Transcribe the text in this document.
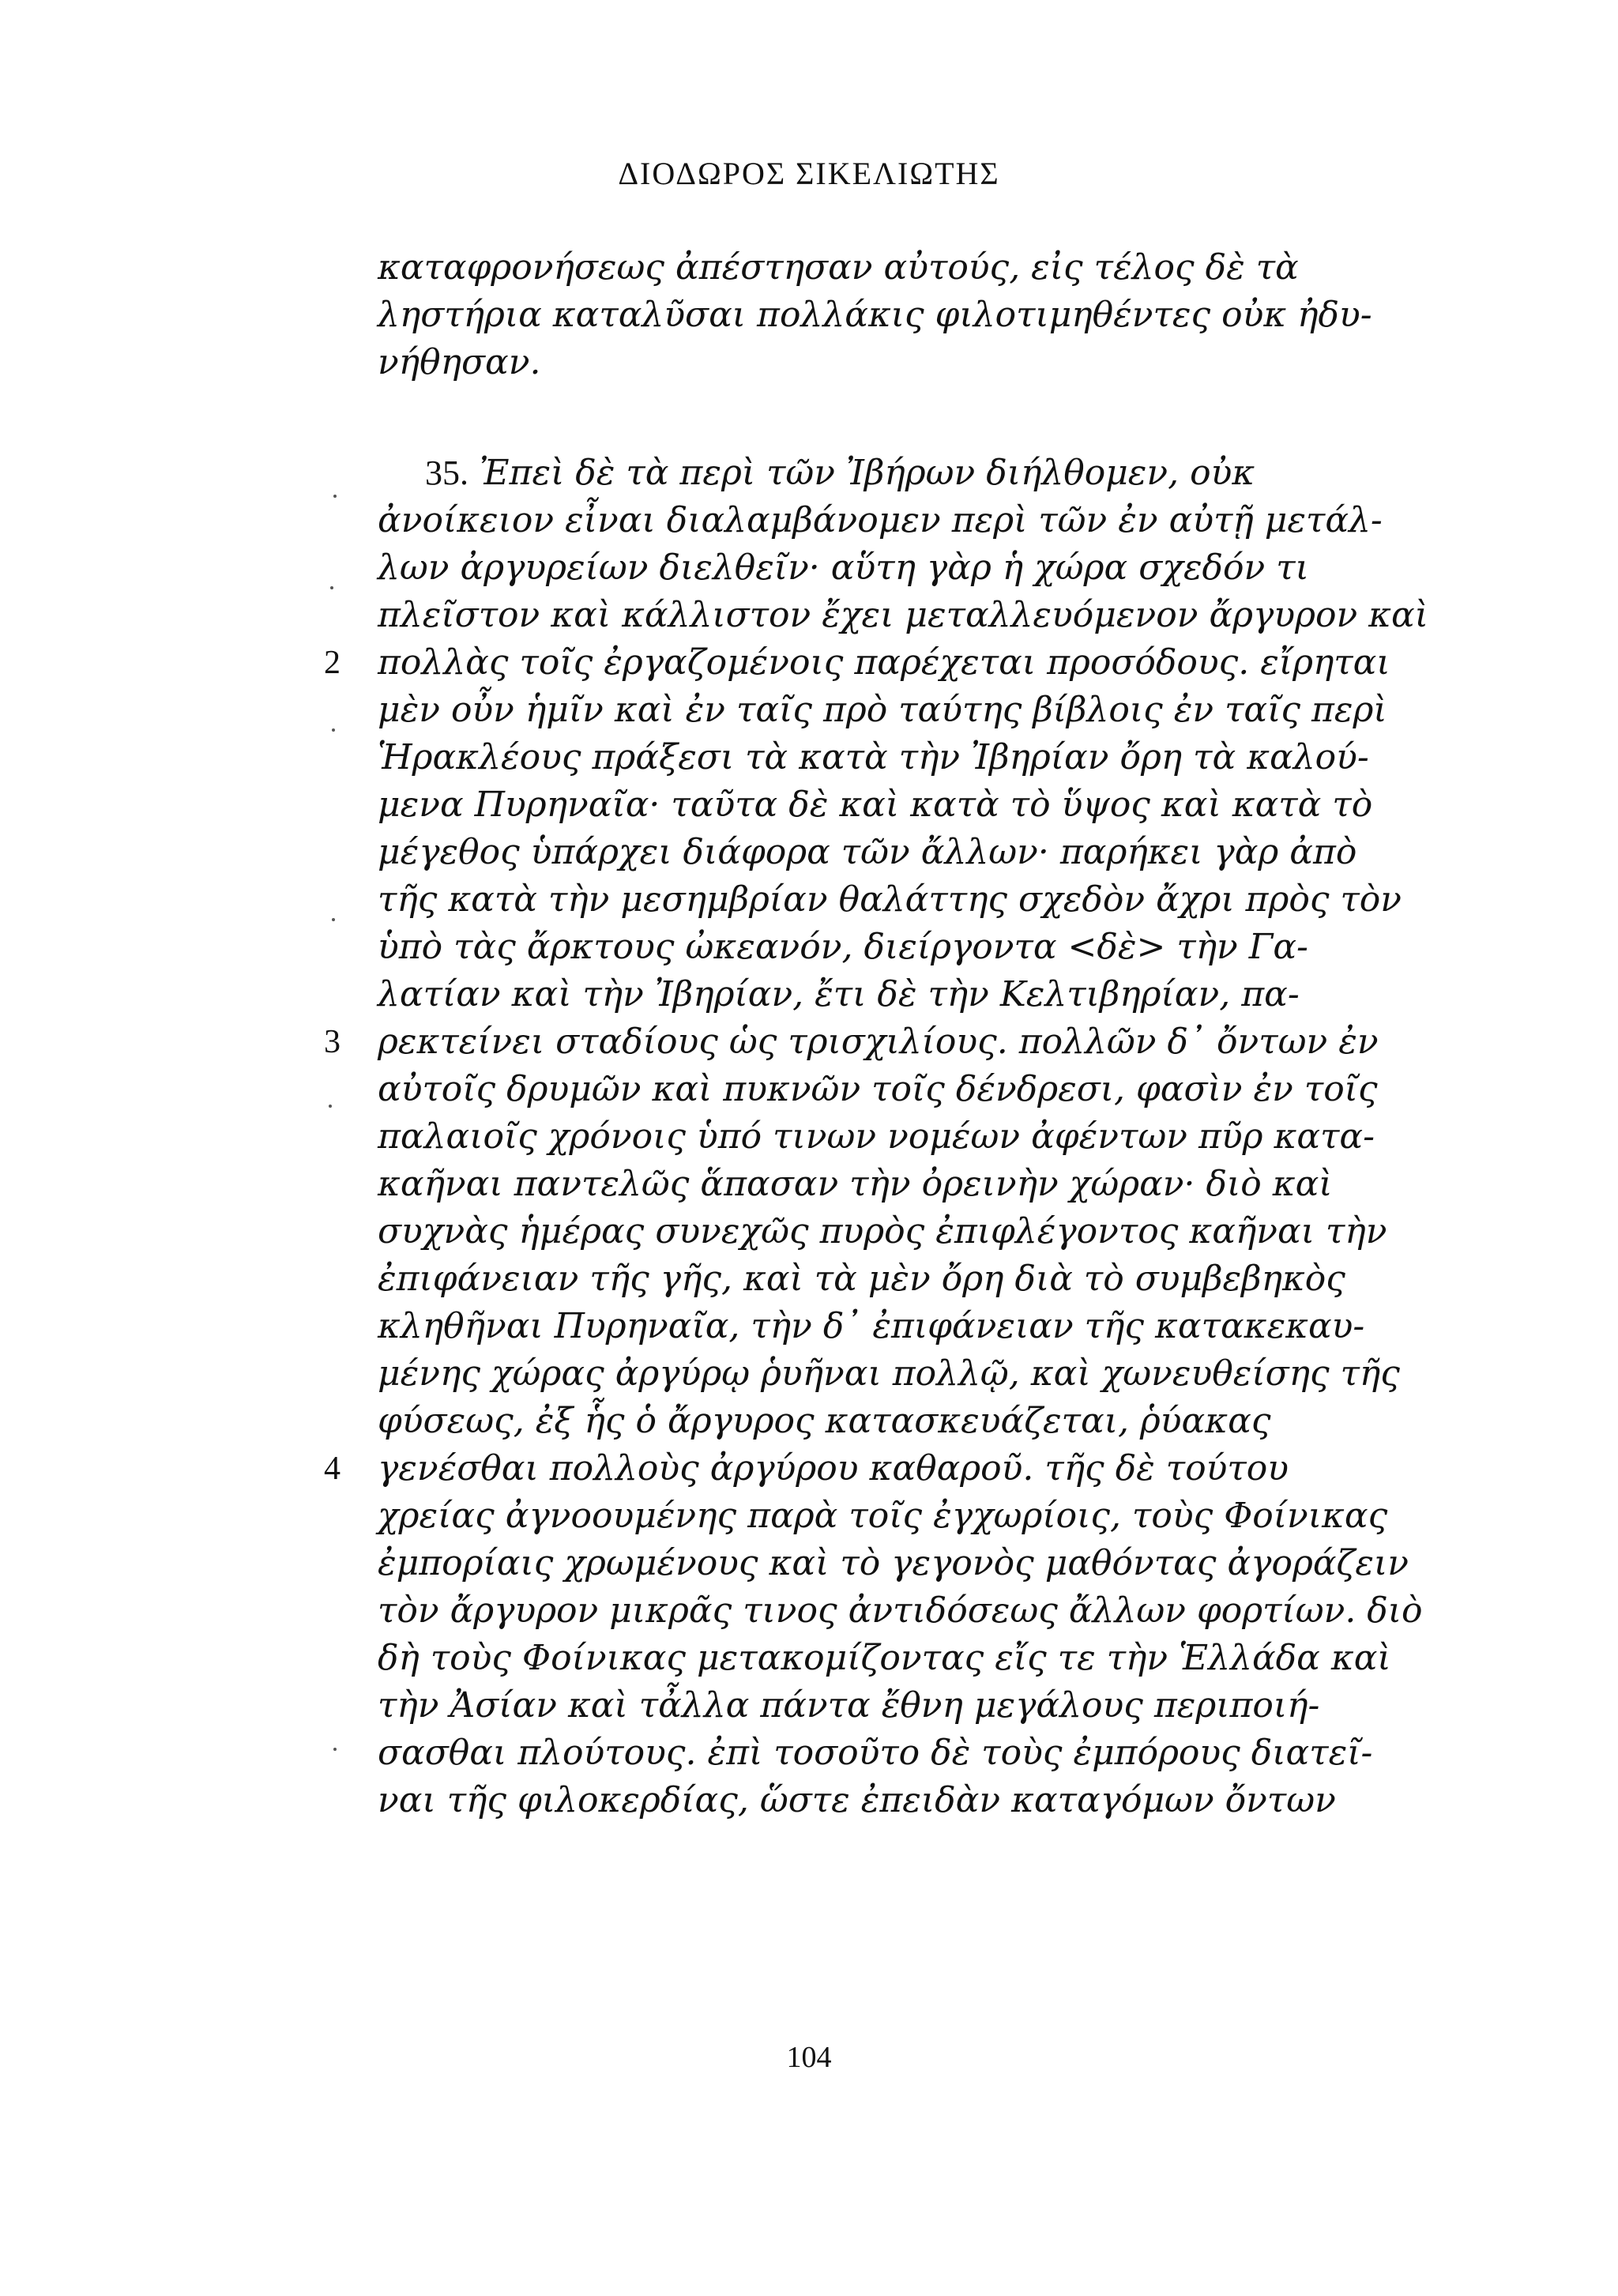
ΔΙΟΔΩΡΟΣ ΣΙΚΕΛΙΩΤΗΣ
καταφρονήσεως ἀπέστησαν αὐτούς, εἰς τέλος δὲ τὰ
ληστήρια καταλῦσαι πολλάκις φιλοτιμηθέντες οὐκ ἠδυ-
νήθησαν.
35. Ἐπεὶ δὲ τὰ περὶ τῶν Ἰβήρων διήλθομεν, οὐκ
ἀνοίκειον εἶναι διαλαμβάνομεν περὶ τῶν ἐν αὐτῇ μετάλ-
λων ἀργυρείων διελθεῖν· αὕτη γὰρ ἡ χώρα σχεδόν τι
πλεῖστον καὶ κάλλιστον ἔχει μεταλλευόμενον ἄργυρον καὶ
πολλὰς τοῖς ἐργαζομένοις παρέχεται προσόδους. εἴρηται
μὲν οὖν ἡμῖν καὶ ἐν ταῖς πρὸ ταύτης βίβλοις ἐν ταῖς περὶ
Ἡρακλέους πράξεσι τὰ κατὰ τὴν Ἰβηρίαν ὄρη τὰ καλού-
μενα Πυρηναῖα· ταῦτα δὲ καὶ κατὰ τὸ ὕψος καὶ κατὰ τὸ
μέγεθος ὑπάρχει διάφορα τῶν ἄλλων· παρήκει γὰρ ἀπὸ
τῆς κατὰ τὴν μεσημβρίαν θαλάττης σχεδὸν ἄχρι πρὸς τὸν
ὑπὸ τὰς ἄρκτους ὠκεανόν, διείργοντα <δὲ> τὴν Γα-
λατίαν καὶ τὴν Ἰβηρίαν, ἔτι δὲ τὴν Κελτιβηρίαν, πα-
ρεκτείνει σταδίους ὡς τρισχιλίους. πολλῶν δ᾽ ὄντων ἐν
αὐτοῖς δρυμῶν καὶ πυκνῶν τοῖς δένδρεσι, φασὶν ἐν τοῖς
παλαιοῖς χρόνοις ὑπό τινων νομέων ἀφέντων πῦρ κατα-
καῆναι παντελῶς ἅπασαν τὴν ὀρεινὴν χώραν· διὸ καὶ
συχνὰς ἡμέρας συνεχῶς πυρὸς ἐπιφλέγοντος καῆναι τὴν
ἐπιφάνειαν τῆς γῆς, καὶ τὰ μὲν ὄρη διὰ τὸ συμβεβηκὸς
κληθῆναι Πυρηναῖα, τὴν δ᾽ ἐπιφάνειαν τῆς κατακεκαυ-
μένης χώρας ἀργύρῳ ῥυῆναι πολλῷ, καὶ χωνευθείσης τῆς
φύσεως, ἐξ ἧς ὁ ἄργυρος κατασκευάζεται, ῥύακας
γενέσθαι πολλοὺς ἀργύρου καθαροῦ. τῆς δὲ τούτου
χρείας ἀγνοουμένης παρὰ τοῖς ἐγχωρίοις, τοὺς Φοίνικας
ἐμπορίαις χρωμένους καὶ τὸ γεγονὸς μαθόντας ἀγοράζειν
τὸν ἄργυρον μικρᾶς τινος ἀντιδόσεως ἄλλων φορτίων. διὸ
δὴ τοὺς Φοίνικας μετακομίζοντας εἴς τε τὴν Ἑλλάδα καὶ
τὴν Ἀσίαν καὶ τἆλλα πάντα ἔθνη μεγάλους περιποιή-
σασθαι πλούτους. ἐπὶ τοσοῦτο δὲ τοὺς ἐμπόρους διατεῖ-
ναι τῆς φιλοκερδίας, ὥστε ἐπειδὰν καταγόμων ὄντων
2
3
4
104
